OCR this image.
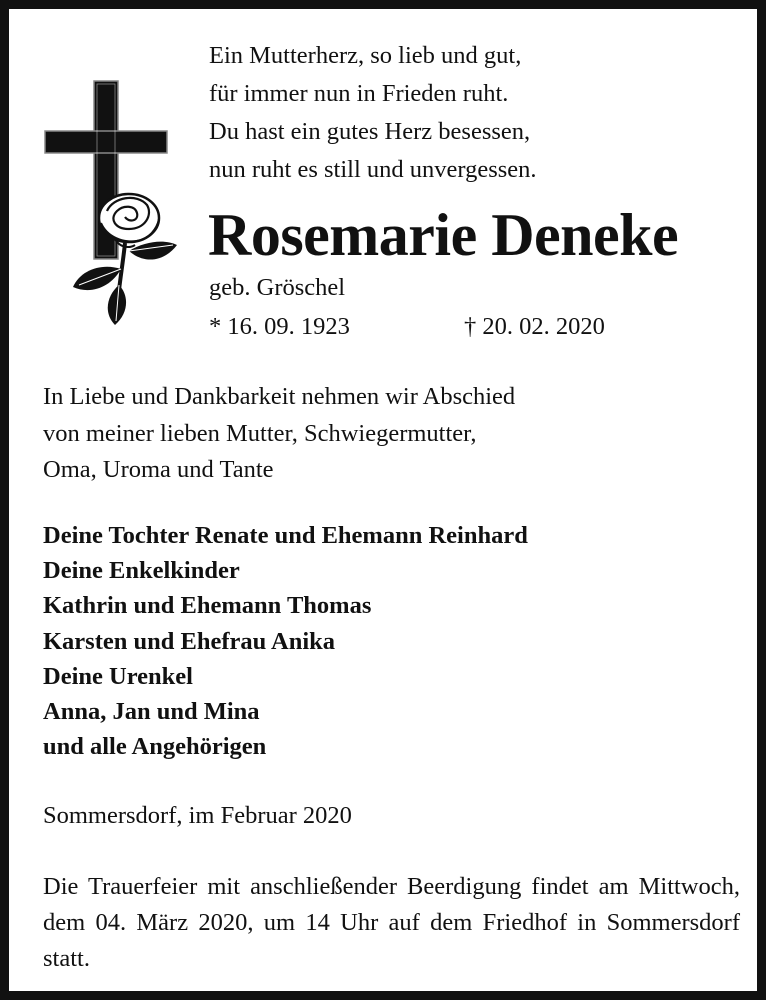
Ein Mutterherz, so lieb und gut,
für immer nun in Frieden ruht.
Du hast ein gutes Herz besessen,
nun ruht es still und unvergessen.
Rosemarie Deneke
geb. Gröschel
* 16. 09. 1923	† 20. 02. 2020
In Liebe und Dankbarkeit nehmen wir Abschied
von meiner lieben Mutter, Schwiegermutter,
Oma, Uroma und Tante
Deine Tochter Renate und Ehemann Reinhard
Deine Enkelkinder
Kathrin und Ehemann Thomas
Karsten und Ehefrau Anika
Deine Urenkel
Anna, Jan und Mina
und alle Angehörigen
Sommersdorf, im Februar 2020
Die Trauerfeier mit anschließender Beerdigung findet am Mittwoch, dem 04. März 2020, um 14 Uhr auf dem Friedhof in Sommersdorf statt.
